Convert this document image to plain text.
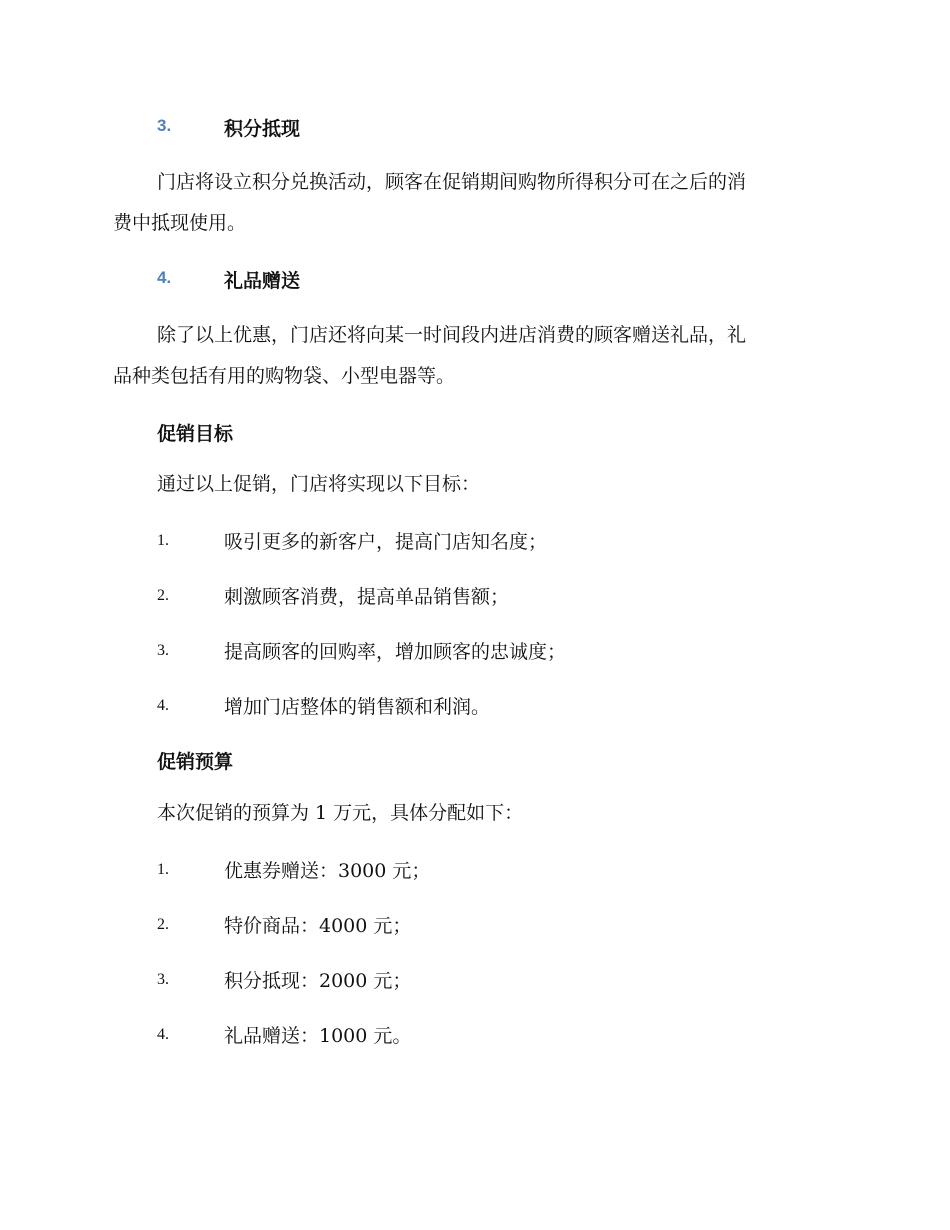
3.	积分抵现
门店将设立积分兑换活动，顾客在促销期间购物所得积分可在之后的消
费中抵现使用。
4.	礼品赠送
除了以上优惠，门店还将向某一时间段内进店消费的顾客赠送礼品，礼
品种类包括有用的购物袋、小型电器等。
促销目标
通过以上促销，门店将实现以下目标：
1.	吸引更多的新客户，提高门店知名度；
2.	刺激顾客消费，提高单品销售额；
3.	提高顾客的回购率，增加顾客的忠诚度；
4.	增加门店整体的销售额和利润。
促销预算
本次促销的预算为 1 万元，具体分配如下：
1.	优惠券赠送：3000 元；
2.	特价商品：4000 元；
3.	积分抵现：2000 元；
4.	礼品赠送：1000 元。
